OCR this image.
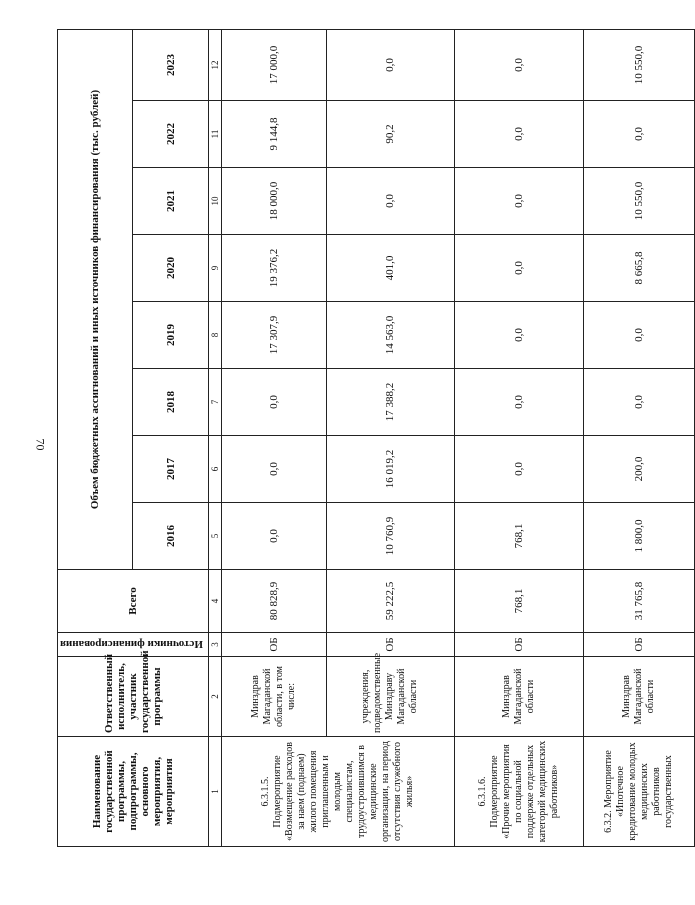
70
Наименование государственной программы, подпрограммы, основного мероприятия, мероприятия	Ответственный исполнитель, участник государственной программы	Источники финансирования	Всего	Объем бюджетных ассигнований и иных источников финансирования (тыс. рублей)							
				2016	2017	2018	2019	2020	2021	2022	2023
1	2	3	4	5	6	7	8	9	10	11	12
6.3.1.5. Подмероприятие «Возмещение расходов за наем (поднаем) жилого помещения приглашенным и молодым специалистам, трудоустроившимся в медицинские организации, на период отсутствия служебного жилья»	Минздрав Магаданской области, в том числе:	ОБ	80 828,9	0,0	0,0	0,0	17 307,9	19 376,2	18 000,0	9 144,8	17 000,0
	учреждения, подведомственные Минздраву Магаданской области	ОБ	59 222,5	10 760,9	16 019,2	17 388,2	14 563,0	401,0	0,0	90,2	0,0
6.3.1.6. Подмероприятие «Прочие мероприятия по социальной поддержке отдельных категорий медицинских работников»	Минздрав Магаданской области	ОБ	768,1	768,1	0,0	0,0	0,0	0,0	0,0	0,0	0,0
6.3.2. Мероприятие «Ипотечное кредитование молодых медицинских работников государственных	Минздрав Магаданской области	ОБ	31 765,8	1 800,0	200,0	0,0	0,0	8 665,8	10 550,0	0,0	10 550,0
